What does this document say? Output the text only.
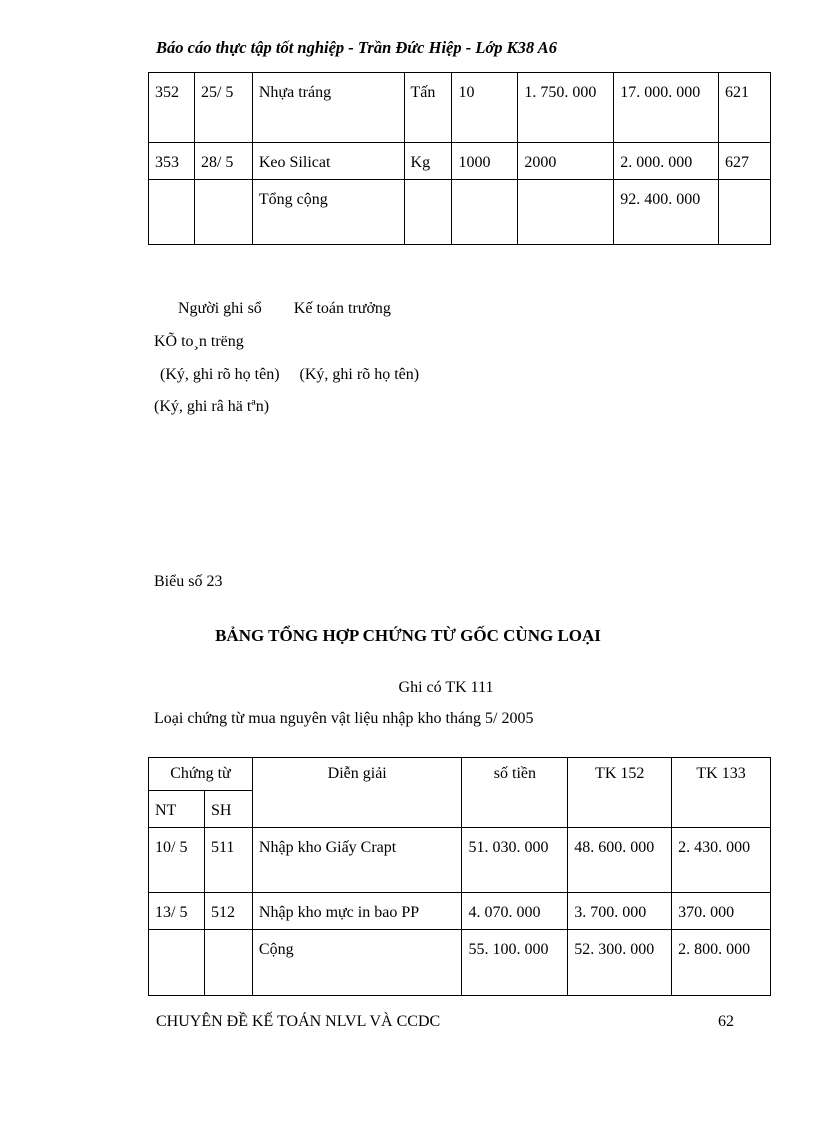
Báo cáo thực tập tốt nghiệp - Trần Đức Hiệp - Lớp K38 A6
352	25/ 5	Nhựa tráng	Tấn	10	1. 750. 000	17. 000. 000	621
353	28/ 5	Keo Silicat	Kg	1000	2000	2. 000. 000	627
		Tổng cộng				92. 400. 000	
Người ghi sổ        Kế toán trưởng
KÕ to¸n trëng
(Ký, ghi rõ họ tên)     (Ký, ghi rõ họ tên)
(Ký, ghi râ hä tªn)
Biểu số 23
BẢNG TỔNG HỢP CHỨNG TỪ GỐC CÙNG LOẠI
Ghi có TK 111
Loại chứng từ mua nguyên vật liệu nhập kho tháng 5/ 2005
Chứng từ		Diễn giải	số tiền	TK 152	TK 133
NT	SH				
10/ 5	511	Nhập kho Giấy Crapt	51. 030. 000	48. 600. 000	2. 430. 000
13/ 5	512	Nhập kho mực in bao PP	4. 070. 000	3. 700. 000	370. 000
		Cộng	55. 100. 000	52. 300. 000	2. 800. 000
CHUYÊN ĐỀ KẾ TOÁN NLVL VÀ CCDC	62
